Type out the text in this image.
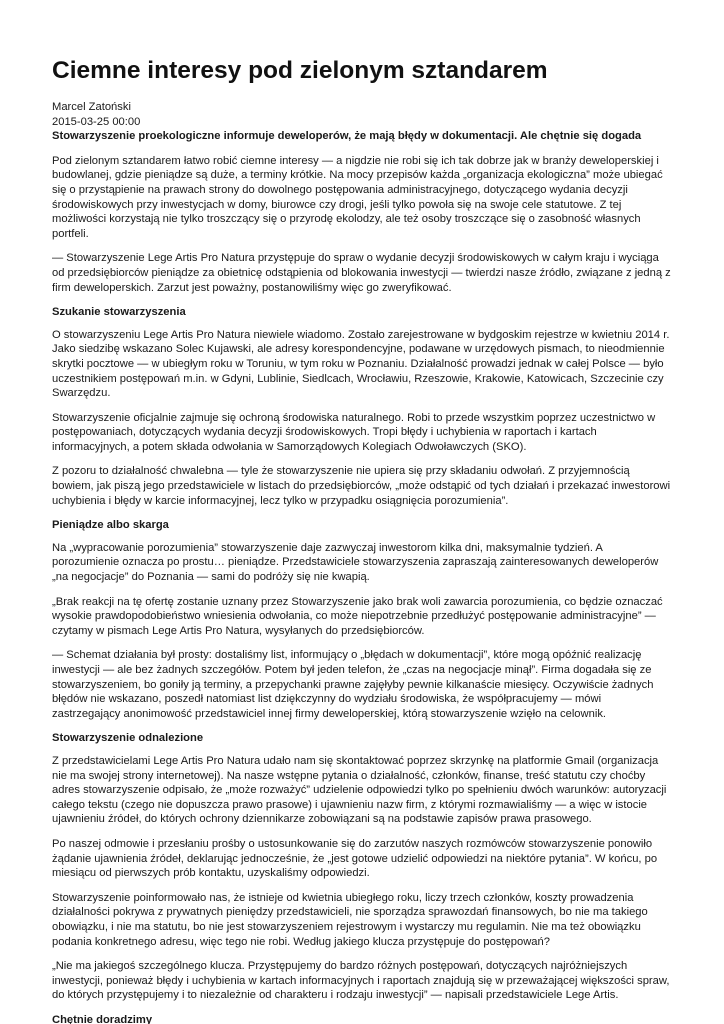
Ciemne interesy pod zielonym sztandarem
Marcel Zatoński
2015-03-25 00:00
Stowarzyszenie proekologiczne informuje deweloperów, że mają błędy w dokumentacji. Ale chętnie się dogada

Pod zielonym sztandarem łatwo robić ciemne interesy — a nigdzie nie robi się ich tak dobrze jak w branży deweloperskiej i budowlanej, gdzie pieniądze są duże, a terminy krótkie. Na mocy przepisów każda „organizacja ekologiczna” może ubiegać się o przystąpienie na prawach strony do dowolnego postępowania administracyjnego, dotyczącego wydania decyzji środowiskowych przy inwestycjach w domy, biurowce czy drogi, jeśli tylko powoła się na swoje cele statutowe. Z tej możliwości korzystają nie tylko troszczący się o przyrodę ekolodzy, ale też osoby troszczące się o zasobność własnych portfeli.

— Stowarzyszenie Lege Artis Pro Natura przystępuje do spraw o wydanie decyzji środowiskowych w całym kraju i wyciąga od przedsiębiorców pieniądze za obietnicę odstąpienia od blokowania inwestycji — twierdzi nasze źródło, związane z jedną z firm deweloperskich. Zarzut jest poważny, postanowiliśmy więc go zweryfikować.

Szukanie stowarzyszenia

O stowarzyszeniu Lege Artis Pro Natura niewiele wiadomo. Zostało zarejestrowane w bydgoskim rejestrze w kwietniu 2014 r. Jako siedzibę wskazano Solec Kujawski, ale adresy korespondencyjne, podawane w urzędowych pismach, to nieodmiennie skrytki pocztowe — w ubiegłym roku w Toruniu, w tym roku w Poznaniu. Działalność prowadzi jednak w całej Polsce — było uczestnikiem postępowań m.in. w Gdyni, Lublinie, Siedlcach, Wrocławiu, Rzeszowie, Krakowie, Katowicach, Szczecinie czy Swarzędzu.

Stowarzyszenie oficjalnie zajmuje się ochroną środowiska naturalnego. Robi to przede wszystkim poprzez uczestnictwo w postępowaniach, dotyczących wydania decyzji środowiskowych. Tropi błędy i uchybienia w raportach i kartach informacyjnych, a potem składa odwołania w Samorządowych Kolegiach Odwoławczych (SKO).

Z pozoru to działalność chwalebna — tyle że stowarzyszenie nie upiera się przy składaniu odwołań. Z przyjemnością bowiem, jak piszą jego przedstawiciele w listach do przedsiębiorców, „może odstąpić od tych działań i przekazać inwestorowi uchybienia i błędy w karcie informacyjnej, lecz tylko w przypadku osiągnięcia porozumienia”.

Pieniądze albo skarga

Na „wypracowanie porozumienia” stowarzyszenie daje zazwyczaj inwestorom kilka dni, maksymalnie tydzień. A porozumienie oznacza po prostu… pieniądze. Przedstawiciele stowarzyszenia zapraszają zainteresowanych deweloperów „na negocjacje” do Poznania — sami do podróży się nie kwapią.

„Brak reakcji na tę ofertę zostanie uznany przez Stowarzyszenie jako brak woli zawarcia porozumienia, co będzie oznaczać wysokie prawdopodobieństwo wniesienia odwołania, co może niepotrzebnie przedłużyć postępowanie administracyjne” — czytamy w pismach Lege Artis Pro Natura, wysyłanych do przedsiębiorców.

— Schemat działania był prosty: dostaliśmy list, informujący o „błędach w dokumentacji”, które mogą opóźnić realizację inwestycji — ale bez żadnych szczegółów. Potem był jeden telefon, że „czas na negocjacje minął”. Firma dogadała się ze stowarzyszeniem, bo goniły ją terminy, a przepychanki prawne zajęłyby pewnie kilkanaście miesięcy. Oczywiście żadnych błędów nie wskazano, poszedł natomiast list dziękczynny do wydziału środowiska, że współpracujemy — mówi zastrzegający anonimowość przedstawiciel innej firmy deweloperskiej, którą stowarzyszenie wzięło na celownik.

Stowarzyszenie odnalezione

Z przedstawicielami Lege Artis Pro Natura udało nam się skontaktować poprzez skrzynkę na platformie Gmail (organizacja nie ma swojej strony internetowej). Na nasze wstępne pytania o działalność, członków, finanse, treść statutu czy choćby adres stowarzyszenie odpisało, że „może rozważyć” udzielenie odpowiedzi tylko po spełnieniu dwóch warunków: autoryzacji całego tekstu (czego nie dopuszcza prawo prasowe) i ujawnieniu nazw firm, z którymi rozmawialiśmy — a więc w istocie ujawnieniu źródeł, do których ochrony dziennikarze zobowiązani są na podstawie zapisów prawa prasowego.

Po naszej odmowie i przesłaniu prośby o ustosunkowanie się do zarzutów naszych rozmówców stowarzyszenie ponowiło żądanie ujawnienia źródeł, deklarując jednocześnie, że „jest gotowe udzielić odpowiedzi na niektóre pytania”. W końcu, po miesiącu od pierwszych prób kontaktu, uzyskaliśmy odpowiedzi.

Stowarzyszenie poinformowało nas, że istnieje od kwietnia ubiegłego roku, liczy trzech członków, koszty prowadzenia działalności pokrywa z prywatnych pieniędzy przedstawicieli, nie sporządza sprawozdań finansowych, bo nie ma takiego obowiązku, i nie ma statutu, bo nie jest stowarzyszeniem rejestrowym i wystarczy mu regulamin. Nie ma też obowiązku podania konkretnego adresu, więc tego nie robi. Według jakiego klucza przystępuje do postępowań?

„Nie ma jakiegoś szczególnego klucza. Przystępujemy do bardzo różnych postępowań, dotyczących najróżniejszych inwestycji, ponieważ błędy i uchybienia w kartach informacyjnych i raportach znajdują się w przeważającej większości spraw, do których przystępujemy i to niezależnie od charakteru i rodzaju inwestycji” — napisali przedstawiciele Lege Artis.

Chętnie doradzimy
